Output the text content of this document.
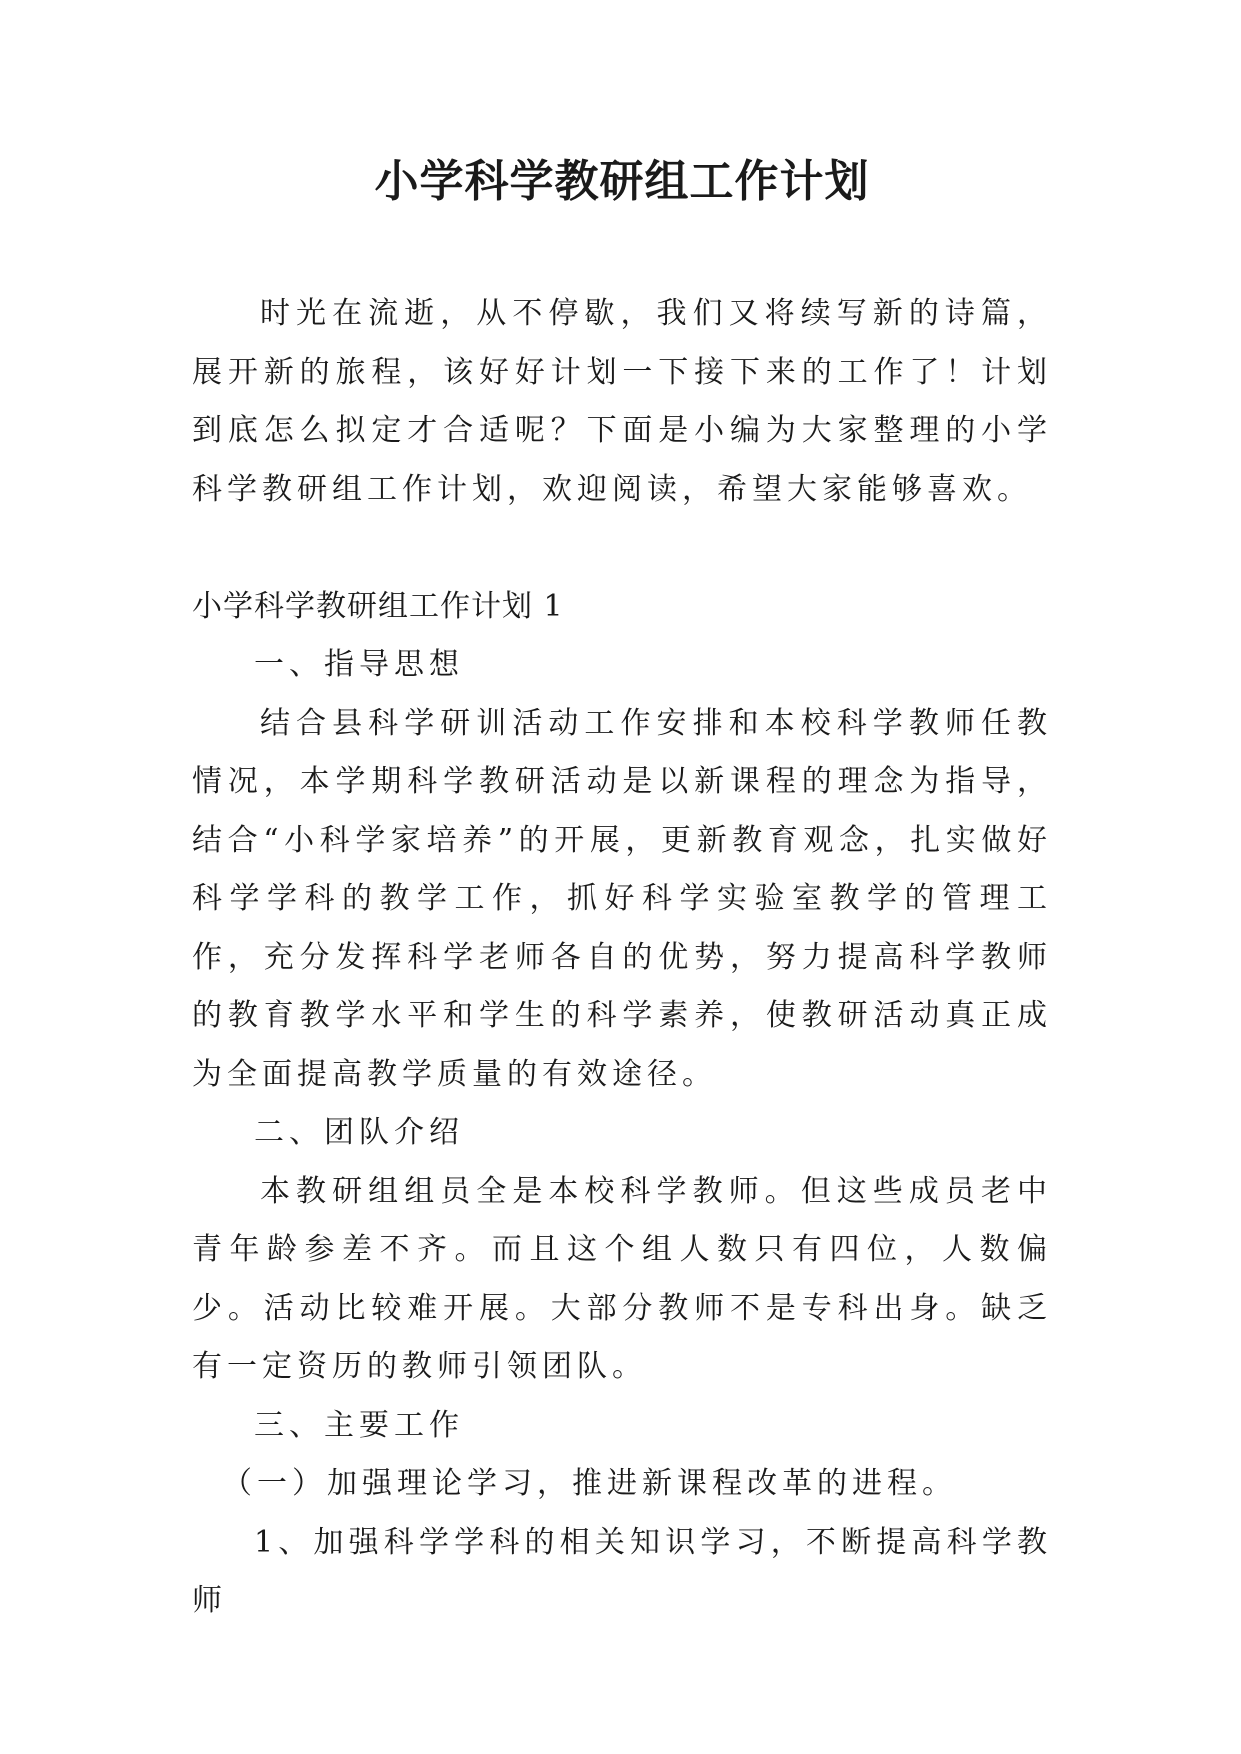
小学科学教研组工作计划

时光在流逝，从不停歇，我们又将续写新的诗篇，展开新的旅程，该好好计划一下接下来的工作了！计划到底怎么拟定才合适呢？下面是小编为大家整理的小学科学教研组工作计划，欢迎阅读，希望大家能够喜欢。

小学科学教研组工作计划 1

一、指导思想

结合县科学研训活动工作安排和本校科学教师任教情况，本学期科学教研活动是以新课程的理念为指导，结合“小科学家培养”的开展，更新教育观念，扎实做好科学学科的教学工作，抓好科学实验室教学的管理工作，充分发挥科学老师各自的优势，努力提高科学教师的教育教学水平和学生的科学素养，使教研活动真正成为全面提高教学质量的有效途径。

二、团队介绍

本教研组组员全是本校科学教师。但这些成员老中青年龄参差不齐。而且这个组人数只有四位，人数偏少。活动比较难开展。大部分教师不是专科出身。缺乏有一定资历的教师引领团队。

三、主要工作

（一）加强理论学习，推进新课程改革的进程。

1、加强科学学科的相关知识学习，不断提高科学教师
